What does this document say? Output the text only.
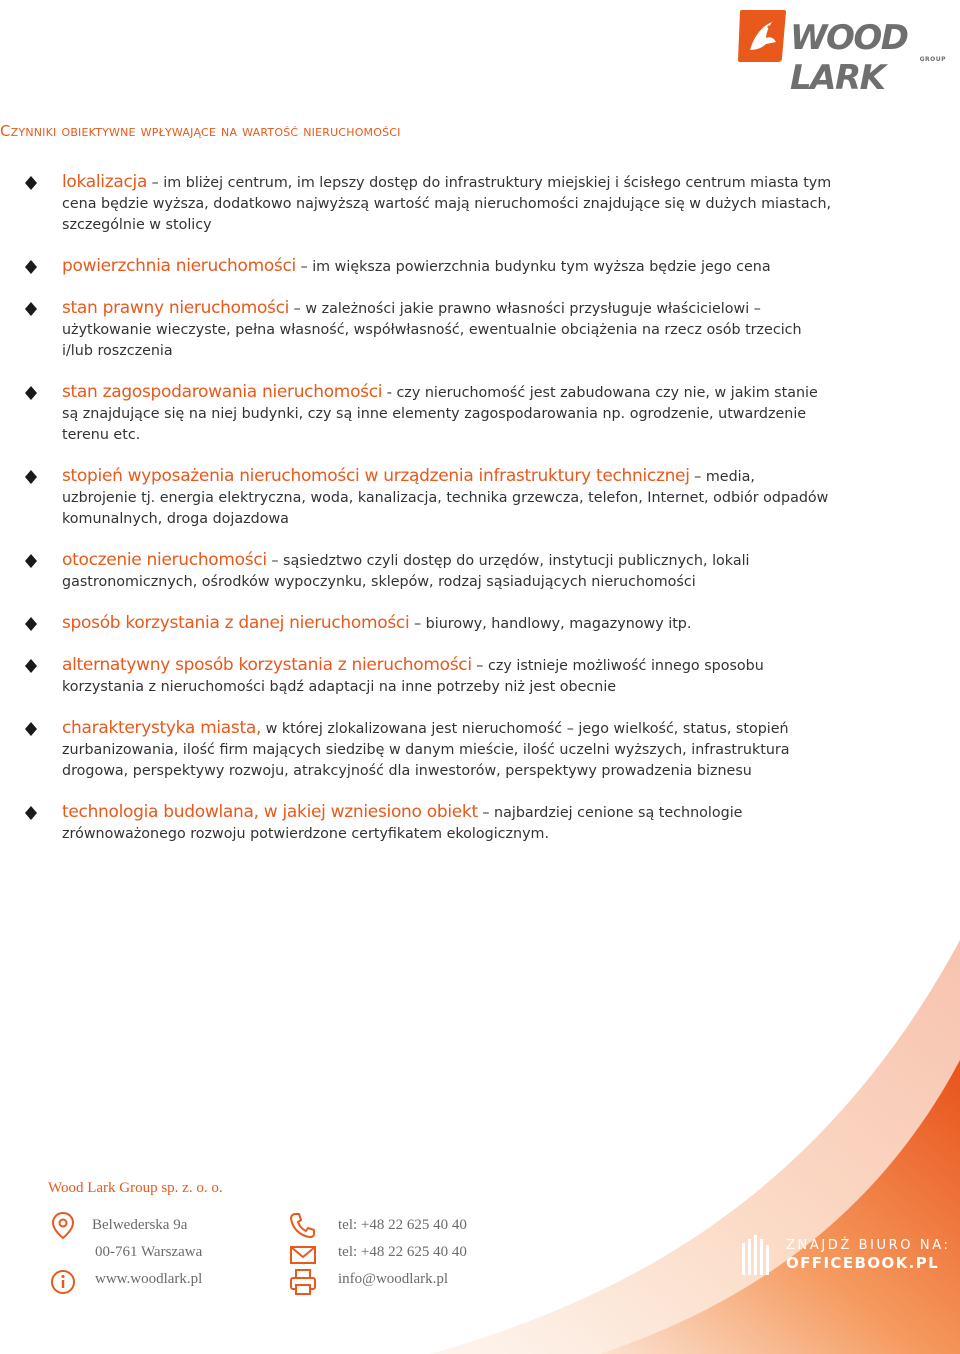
WOOD LARK	GROUP
Czynniki obiektywne wpływające na wartość nieruchomości
lokalizacja – im bliżej centrum, im lepszy dostęp do infrastruktury miejskiej i ścisłego centrum miasta tym cena będzie wyższa, dodatkowo najwyższą wartość mają nieruchomości znajdujące się w dużych miastach, szczególnie w stolicy
powierzchnia nieruchomości – im większa powierzchnia budynku tym wyższa będzie jego cena
stan prawny nieruchomości – w zależności jakie prawno własności przysługuje właścicielowi – użytkowanie wieczyste, pełna własność, współwłasność, ewentualnie obciążenia na rzecz osób trzecich i/lub roszczenia
stan zagospodarowania nieruchomości - czy nieruchomość jest zabudowana czy nie, w jakim stanie są znajdujące się na niej budynki, czy są inne elementy zagospodarowania np. ogrodzenie, utwardzenie terenu etc.
stopień wyposażenia nieruchomości w urządzenia infrastruktury technicznej – media, uzbrojenie tj. energia elektryczna, woda, kanalizacja, technika grzewcza, telefon, Internet, odbiór odpadów komunalnych, droga dojazdowa
otoczenie nieruchomości – sąsiedztwo czyli dostęp do urzędów, instytucji publicznych, lokali gastronomicznych, ośrodków wypoczynku, sklepów, rodzaj sąsiadujących nieruchomości
sposób korzystania z danej nieruchomości – biurowy, handlowy, magazynowy itp.
alternatywny sposób korzystania z nieruchomości – czy istnieje możliwość innego sposobu korzystania z nieruchomości bądź adaptacji na inne potrzeby niż jest obecnie
charakterystyka miasta, w której zlokalizowana jest nieruchomość – jego wielkość, status, stopień zurbanizowania, ilość firm mających siedzibę w danym mieście, ilość uczelni wyższych, infrastruktura drogowa, perspektywy rozwoju, atrakcyjność dla inwestorów, perspektywy prowadzenia biznesu
technologia budowlana, w jakiej wzniesiono obiekt – najbardziej cenione są technologie zrównoważonego rozwoju potwierdzone certyfikatem ekologicznym.
Wood Lark Group sp. z. o. o.
Belwederska 9a
00-761 Warszawa
www.woodlark.pl
tel: +48 22 625 40 40
tel: +48 22 625 40 40
info@woodlark.pl
ZNAJDŹ BIURO NA:
OFFICEBOOK.PL
